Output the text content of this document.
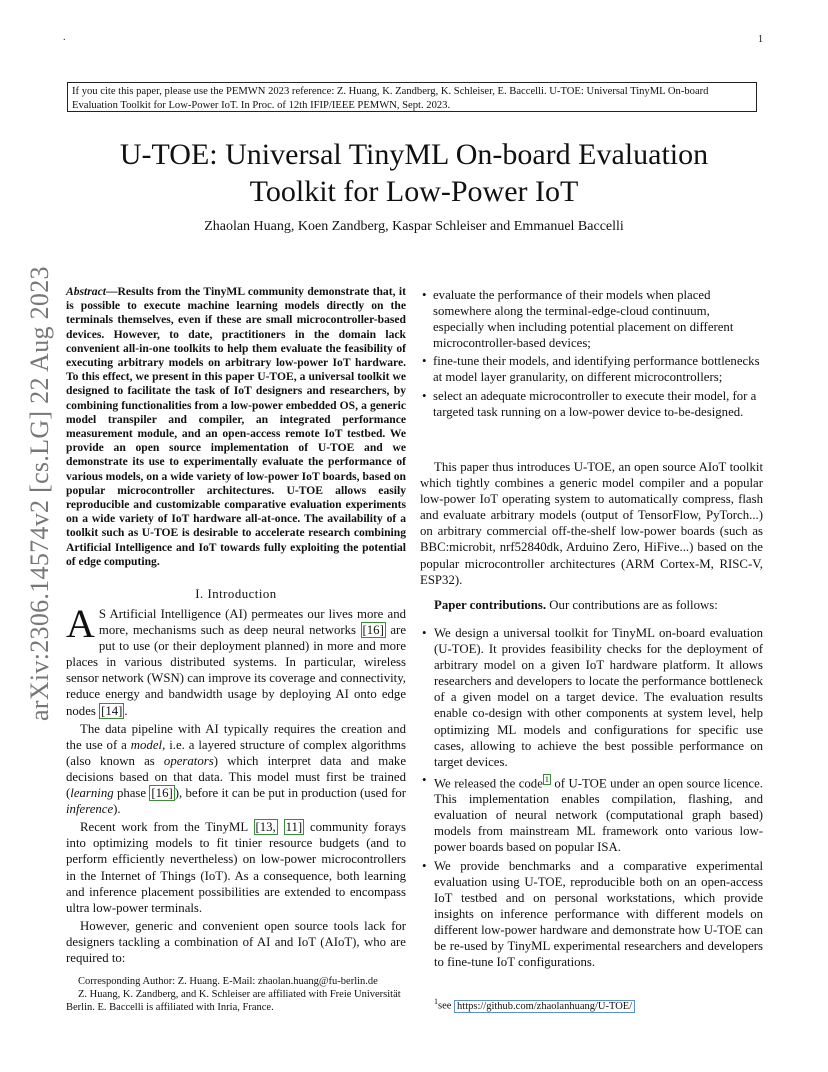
.	1
If you cite this paper, please use the PEMWN 2023 reference: Z. Huang, K. Zandberg, K. Schleiser, E. Baccelli. U-TOE: Universal TinyML On-board Evaluation Toolkit for Low-Power IoT. In Proc. of 12th IFIP/IEEE PEMWN, Sept. 2023.
U-TOE: Universal TinyML On-board Evaluation
Toolkit for Low-Power IoT
Zhaolan Huang, Koen Zandberg, Kaspar Schleiser and Emmanuel Baccelli
arXiv:2306.14574v2 [cs.LG] 22 Aug 2023 Abstract—Results from the TinyML community demonstrate that, it is possible to execute machine learning models directly on the terminals themselves, even if these are small microcontroller-based devices. However, to date, practitioners in the domain lack convenient all-in-one toolkits to help them evaluate the feasibility of executing arbitrary models on arbitrary low-power IoT hardware. To this effect, we present in this paper U-TOE, a universal toolkit we designed to facilitate the task of IoT designers and researchers, by combining functionalities from a low-power embedded OS, a generic model transpiler and compiler, an integrated performance measurement module, and an open-access remote IoT testbed. We provide an open source implementation of U-TOE and we demonstrate its use to experimentally evaluate the performance of various models, on a wide variety of low-power IoT boards, based on popular microcontroller architectures. U-TOE allows easily reproducible and customizable comparative evaluation experiments on a wide variety of IoT hardware all-at-once. The availability of a toolkit such as U-TOE is desirable to accelerate research combining Artificial Intelligence and IoT towards fully exploiting the potential of edge computing.
I. Introduction

A S Artificial Intelligence (AI) permeates our lives more and more, mechanisms such as deep neural networks [16] are put to use (or their deployment planned) in more and more places in various distributed systems. In particular, wireless sensor network (WSN) can improve its coverage and connectivity, reduce energy and bandwidth usage by deploying AI onto edge nodes [14] .

The data pipeline with AI typically requires the creation and the use of a model, i.e. a layered structure of complex algorithms (also known as operators) which interpret data and make decisions based on that data. This model must first be trained (learning phase [16] ), before it can be put in production (used for inference).

Recent work from the TinyML [13, 11] community forays into optimizing models to fit tinier resource budgets (and to perform efficiently nevertheless) on low-power microcontrollers in the Internet of Things (IoT). As a consequence, both learning and inference placement possibilities are extended to encompass ultra low-power terminals.

However, generic and convenient open source tools lack for designers tackling a combination of AI and IoT (AIoT), who are required to:

Corresponding Author: Z. Huang. E-Mail: zhaolan.huang@fu-berlin.de

Z. Huang, K. Zandberg, and K. Schleiser are affiliated with Freie Universität Berlin. E. Baccelli is affiliated with Inria, France.

• evaluate the performance of their models when placed somewhere along the terminal-edge-cloud continuum, especially when including potential placement on different microcontroller-based devices;
• fine-tune their models, and identifying performance bottlenecks at model layer granularity, on different microcontrollers;
• select an adequate microcontroller to execute their model, for a targeted task running on a low-power device to-be-designed.
This paper thus introduces U-TOE, an open source AIoT toolkit which tightly combines a generic model compiler and a popular low-power IoT operating system to automatically compress, flash and evaluate arbitrary models (output of TensorFlow, PyTorch...) on arbitrary commercial off-the-shelf low-power boards (such as BBC:microbit, nrf52840dk, Arduino Zero, HiFive...) based on the popular microcontroller architectures (ARM Cortex-M, RISC-V, ESP32).
Paper contributions. Our contributions are as follows:
• We design a universal toolkit for TinyML on-board evaluation (U-TOE). It provides feasibility checks for the deployment of arbitrary model on a given IoT hardware platform. It allows researchers and developers to locate the performance bottleneck of a given model on a target device. The evaluation results enable co-design with other components at system level, help optimizing ML models and configurations for specific use cases, allowing to achieve the best possible performance on target devices.
• We released the code $^1$ of U-TOE under an open source licence. This implementation enables compilation, flashing, and evaluation of neural network (computational graph based) models from mainstream ML framework onto various low-power boards based on popular ISA.
• We provide benchmarks and a comparative experimental evaluation using U-TOE, reproducible both on an open-access IoT testbed and on personal workstations, which provide insights on inference performance with different models on different low-power hardware and demonstrate how U-TOE can be re-used by TinyML experimental researchers and developers to fine-tune IoT configurations.
$^1$see https://github.com/zhaolanhuang/U-TOE/
